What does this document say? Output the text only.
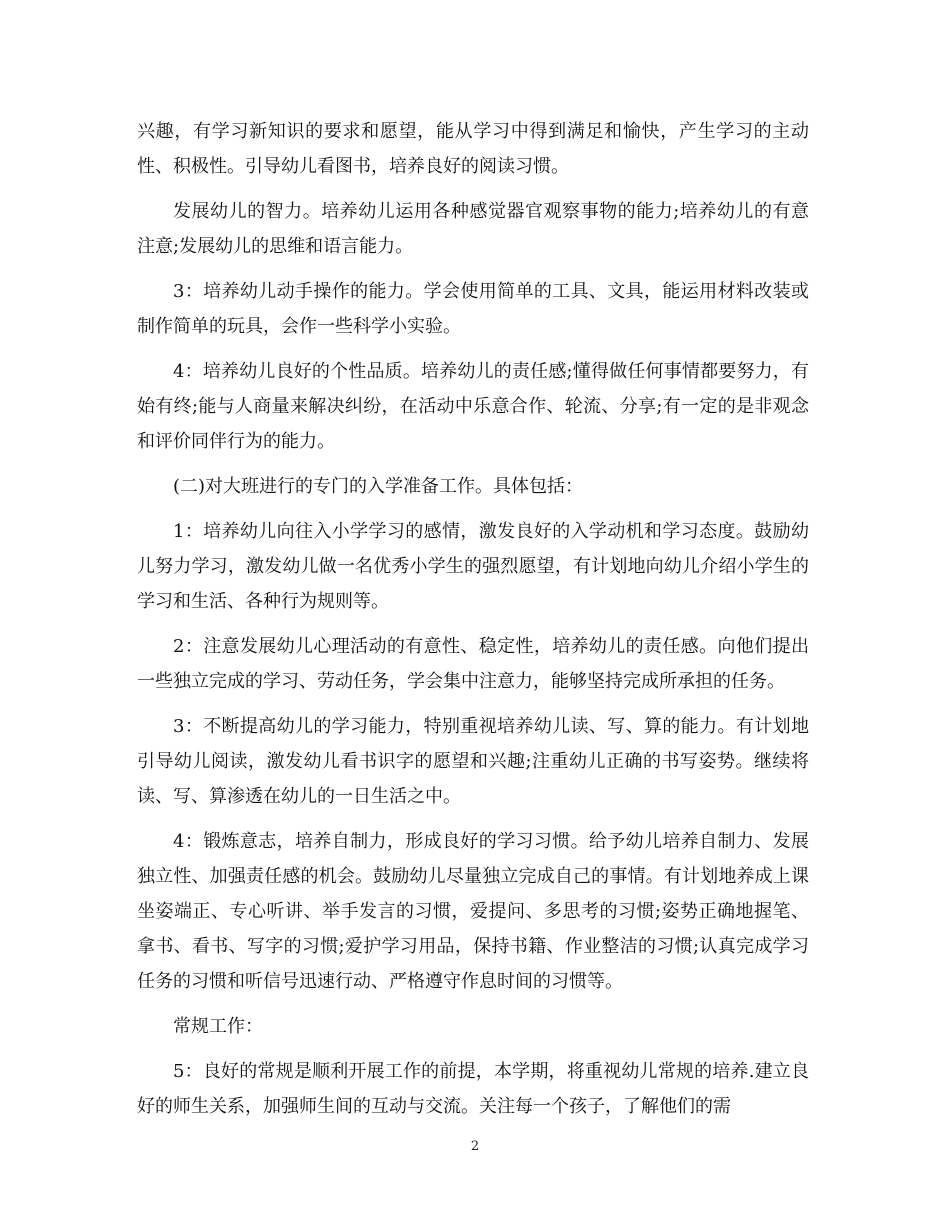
兴趣，有学习新知识的要求和愿望，能从学习中得到满足和愉快，产生学习的主动性、积极性。引导幼儿看图书，培养良好的阅读习惯。

发展幼儿的智力。培养幼儿运用各种感觉器官观察事物的能力;培养幼儿的有意注意;发展幼儿的思维和语言能力。

3：培养幼儿动手操作的能力。学会使用简单的工具、文具，能运用材料改装或制作简单的玩具，会作一些科学小实验。

4：培养幼儿良好的个性品质。培养幼儿的责任感;懂得做任何事情都要努力，有始有终;能与人商量来解决纠纷，在活动中乐意合作、轮流、分享;有一定的是非观念和评价同伴行为的能力。

(二)对大班进行的专门的入学准备工作。具体包括：

1：培养幼儿向往入小学学习的感情，激发良好的入学动机和学习态度。鼓励幼儿努力学习，激发幼儿做一名优秀小学生的强烈愿望，有计划地向幼儿介绍小学生的学习和生活、各种行为规则等。

2：注意发展幼儿心理活动的有意性、稳定性，培养幼儿的责任感。向他们提出一些独立完成的学习、劳动任务，学会集中注意力，能够坚持完成所承担的任务。

3：不断提高幼儿的学习能力，特别重视培养幼儿读、写、算的能力。有计划地引导幼儿阅读，激发幼儿看书识字的愿望和兴趣;注重幼儿正确的书写姿势。继续将读、写、算渗透在幼儿的一日生活之中。

4：锻炼意志，培养自制力，形成良好的学习习惯。给予幼儿培养自制力、发展独立性、加强责任感的机会。鼓励幼儿尽量独立完成自己的事情。有计划地养成上课坐姿端正、专心听讲、举手发言的习惯，爱提问、多思考的习惯;姿势正确地握笔、拿书、看书、写字的习惯;爱护学习用品，保持书籍、作业整洁的习惯;认真完成学习任务的习惯和听信号迅速行动、严格遵守作息时间的习惯等。

常规工作：

5：良好的常规是顺利开展工作的前提，本学期，将重视幼儿常规的培养.建立良好的师生关系，加强师生间的互动与交流。关注每一个孩子，了解他们的需

2
